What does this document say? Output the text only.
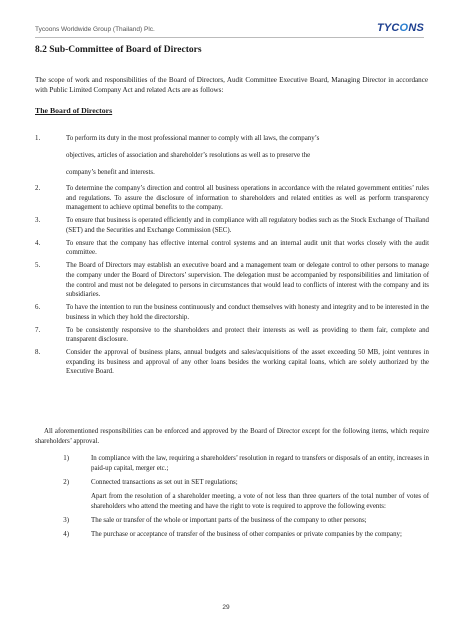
Tycoons Worldwide Group (Thailand) Plc.	TYCONS
8.2 Sub-Committee of Board of Directors
The scope of work and responsibilities of the Board of Directors, Audit Committee Executive Board, Managing Director in accordance with Public Limited Company Act and related Acts are as follows:
The Board of Directors
1.	To perform its duty in the most professional manner to comply with all laws, the company’s
objectives, articles of association and shareholder’s resolutions as well as to preserve the
company’s benefit and interests.
2.	To determine the company’s direction and control all business operations in accordance with the related government entities’ rules and regulations. To assure the disclosure of information to shareholders and related entities as well as perform transparency management to achieve optimal benefits to the company.
3.	To ensure that business is operated efficiently and in compliance with all regulatory bodies such as the Stock Exchange of Thailand (SET) and the Securities and Exchange Commission (SEC).
4.	To ensure that the company has effective internal control systems and an internal audit unit that works closely with the audit committee.
5.	The Board of Directors may establish an executive board and a management team or delegate control to other persons to manage the company under the Board of Directors’ supervision. The delegation must be accompanied by responsibilities and limitation of the control and must not be delegated to persons in circumstances that would lead to conflicts of interest with the company and its subsidiaries.
6.	To have the intention to run the business continuously and conduct themselves with honesty and integrity and to be interested in the business in which they hold the directorship.
7.	To be consistently responsive to the shareholders and protect their interests as well as providing to them fair, complete and transparent disclosure.
8.	Consider the approval of business plans, annual budgets and sales/acquisitions of the asset exceeding 50 MB, joint ventures in expanding its business and approval of any other loans besides the working capital loans, which are solely authorized by the Executive Board.
All aforementioned responsibilities can be enforced and approved by the Board of Director except for the following items, which require shareholders’ approval.
1)	In compliance with the law, requiring a shareholders’ resolution in regard to transfers or disposals of an entity, increases in paid-up capital, merger etc.;
2)	Connected transactions as set out in SET regulations;
Apart from the resolution of a shareholder meeting, a vote of not less than three quarters of the total number of votes of shareholders who attend the meeting and have the right to vote is required to approve the following events:
3)	The sale or transfer of the whole or important parts of the business of the company to other persons;
4)	The purchase or acceptance of transfer of the business of other companies or private companies by the company;
29
